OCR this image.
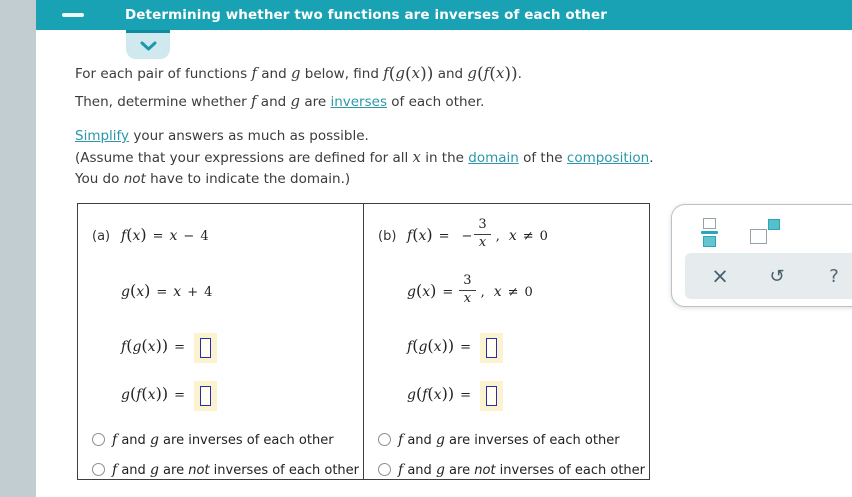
Determining whether two functions are inverses of each other
For each pair of functions f and g below, find f(g(x)) and g(f(x)).
Then, determine whether f and g are inverses of each other.
Simplify your answers as much as possible.
(Assume that your expressions are defined for all x in the domain of the composition.
You do not have to indicate the domain.)
(a) f(x) = x − 4
g(x) = x + 4
f(g(x)) =
g(f(x)) =
f and g are inverses of each other
f and g are not inverses of each other
(b) f(x) = − $\frac{3}{x}$ , x ≠ 0
$g(x) = \frac{3}{x}$ , x ≠ 0
f(g(x)) =
g(f(x)) =
f and g are inverses of each other
f and g are not inverses of each other
× ↺ ?
